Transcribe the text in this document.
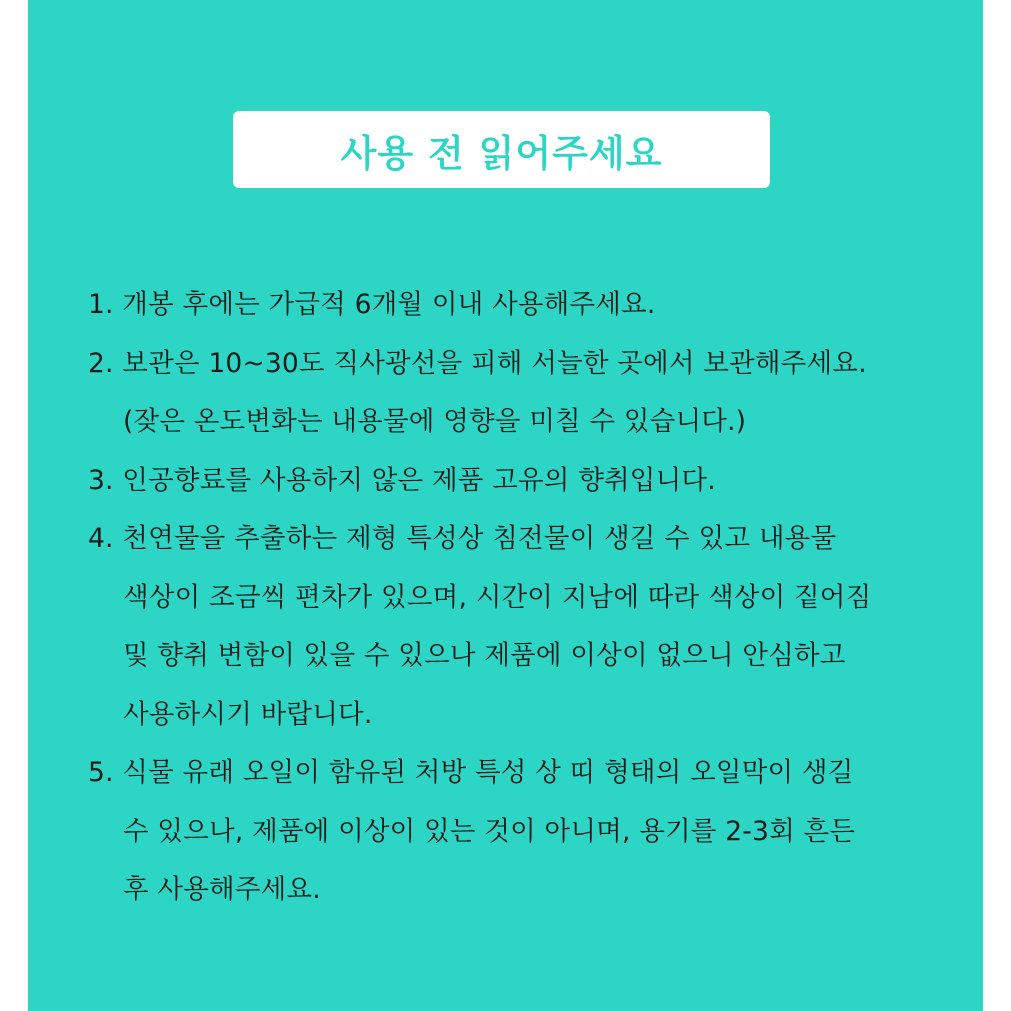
사용 전 읽어주세요
1. 개봉 후에는 가급적 6개월 이내 사용해주세요.
2. 보관은 10~30도 직사광선을 피해 서늘한 곳에서 보관해주세요.
(잦은 온도변화는 내용물에 영향을 미칠 수 있습니다.)
3. 인공향료를 사용하지 않은 제품 고유의 향취입니다.
4. 천연물을 추출하는 제형 특성상 침전물이 생길 수 있고 내용물
색상이 조금씩 편차가 있으며, 시간이 지남에 따라 색상이 짙어짐
및 향취 변함이 있을 수 있으나 제품에 이상이 없으니 안심하고
사용하시기 바랍니다.
5. 식물 유래 오일이 함유된 처방 특성 상 띠 형태의 오일막이 생길
수 있으나, 제품에 이상이 있는 것이 아니며, 용기를 2-3회 흔든
후 사용해주세요.
